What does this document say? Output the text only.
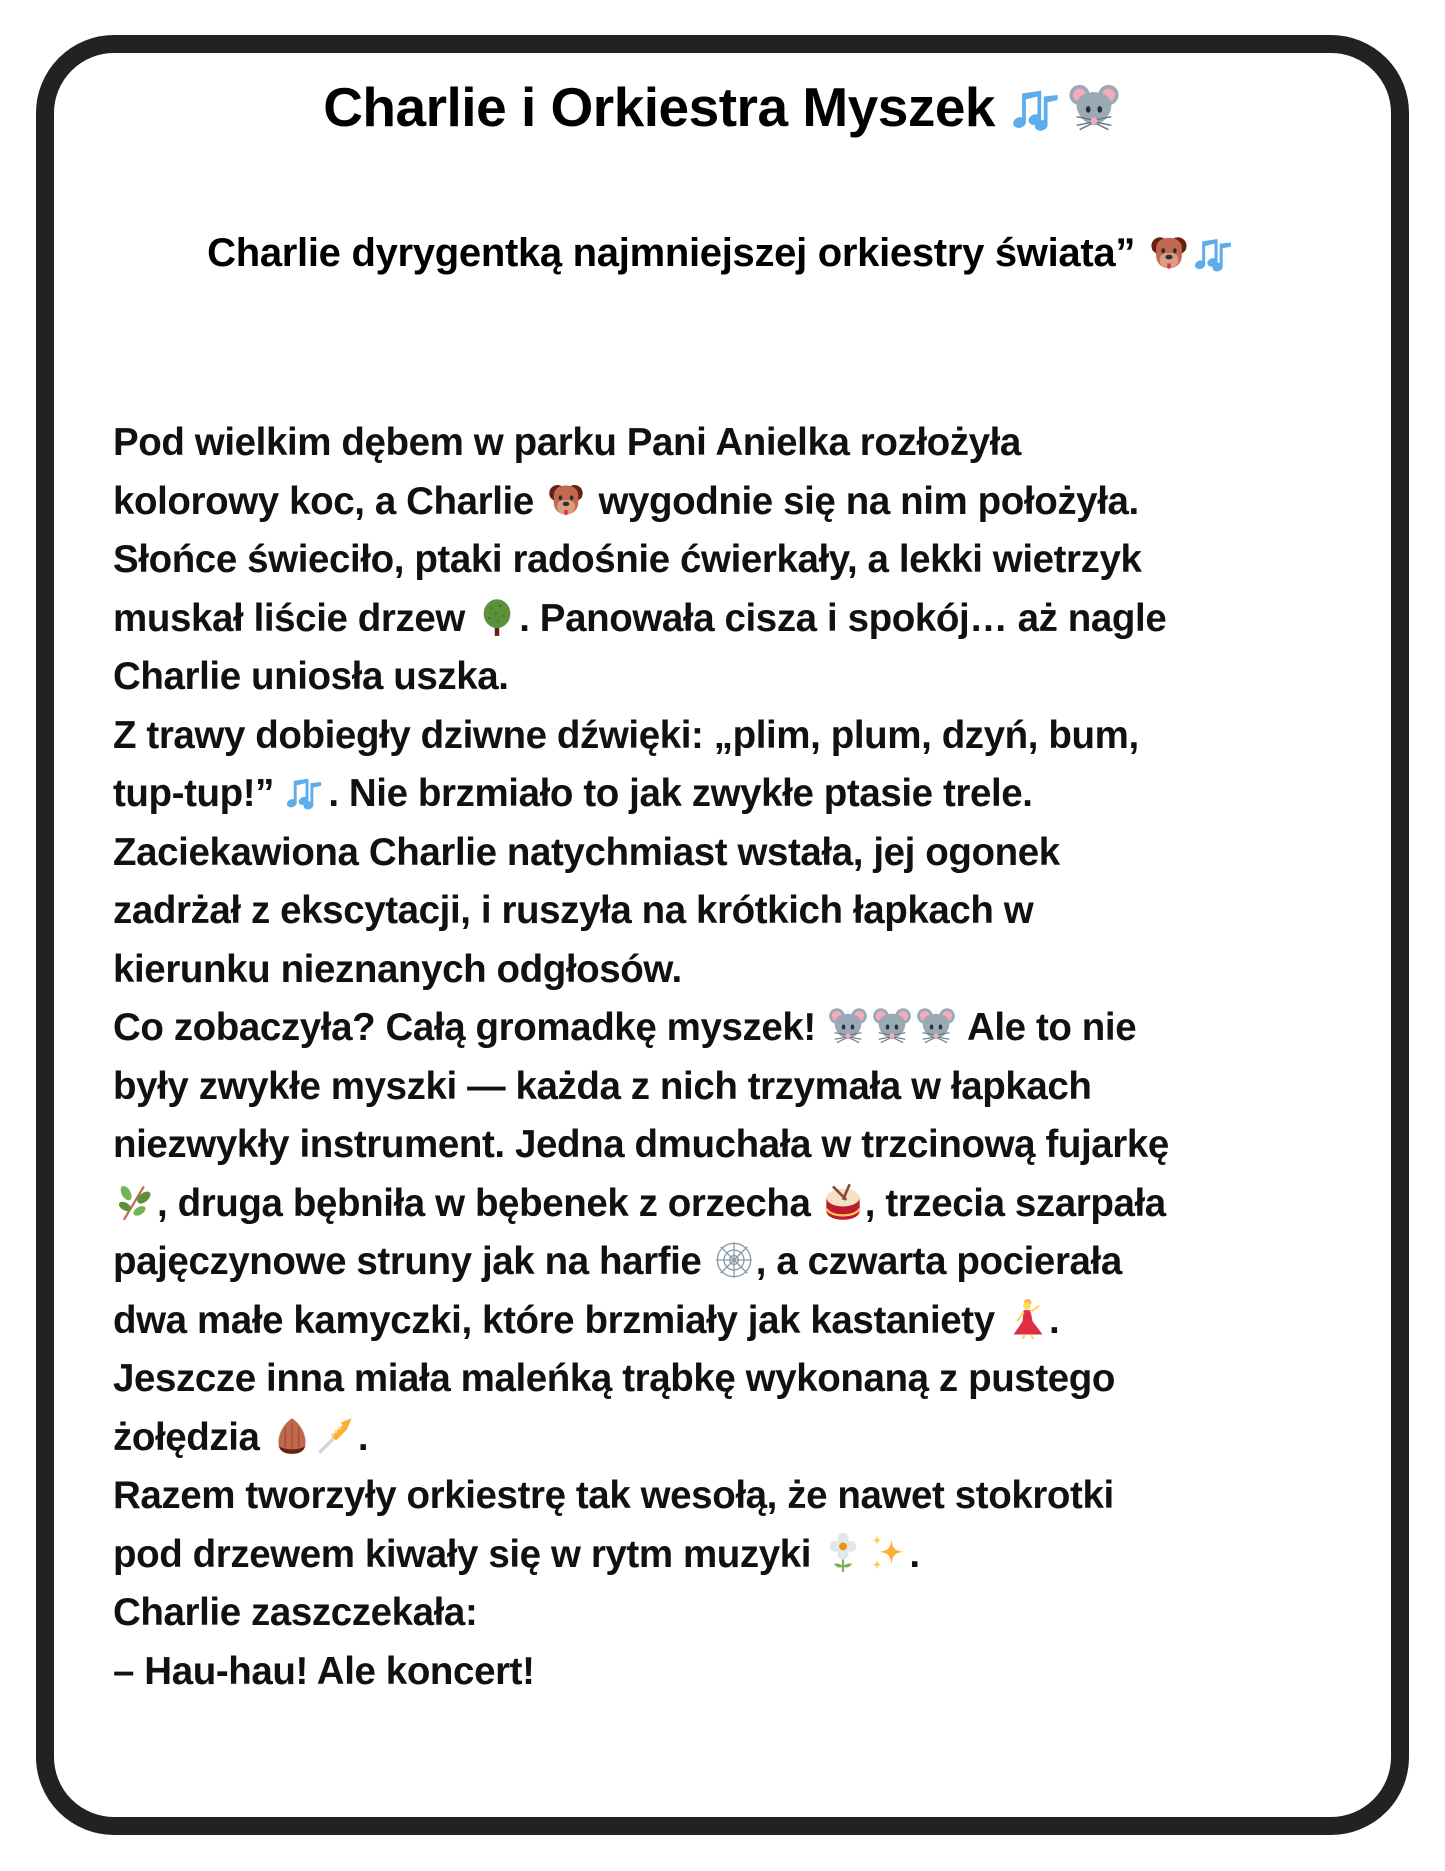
Charlie i Orkiestra Myszek
Charlie dyrygentką najmniejszej orkiestry świata”
Pod wielkim dębem w parku Pani Anielka rozłożyła
kolorowy koc, a Charlie
wygodnie się na nim położyła.
Słońce świeciło, ptaki radośnie ćwierkały, a lekki wietrzyk
muskał liście drzew
. Panowała cisza i spokój… aż nagle
Charlie uniosła uszka.
Z trawy dobiegły dziwne dźwięki: „plim, plum, dzyń, bum,
tup-tup!”
. Nie brzmiało to jak zwykłe ptasie trele.
Zaciekawiona Charlie natychmiast wstała, jej ogonek
zadrżał z ekscytacji, i ruszyła na krótkich łapkach w
kierunku nieznanych odgłosów.
Co zobaczyła? Całą gromadkę myszek!	Ale to nie
były zwykłe myszki — każda z nich trzymała w łapkach
niezwykły instrument. Jedna dmuchała w trzcinową fujarkę
, druga bębniła w bębenek z orzecha
, trzecia szarpała
pajęczynowe struny jak na harfie
, a czwarta pocierała
dwa małe kamyczki, które brzmiały jak kastaniety
.
Jeszcze inna miała maleńką trąbkę wykonaną z pustego
żołędzia
.
Razem tworzyły orkiestrę tak wesołą, że nawet stokrotki
pod drzewem kiwały się w rytm muzyki
.
Charlie zaszczekała:
– Hau-hau! Ale koncert!
